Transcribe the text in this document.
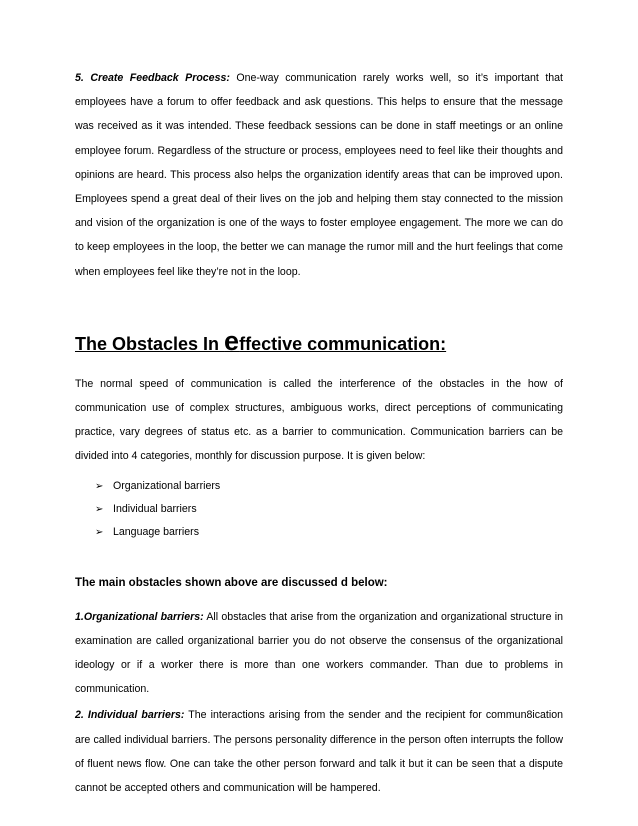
5. Create Feedback Process: One-way communication rarely works well, so it’s important that employees have a forum to offer feedback and ask questions. This helps to ensure that the message was received as it was intended. These feedback sessions can be done in staff meetings or an online employee forum. Regardless of the structure or process, employees need to feel like their thoughts and opinions are heard. This process also helps the organization identify areas that can be improved upon. Employees spend a great deal of their lives on the job and helping them stay connected to the mission and vision of the organization is one of the ways to foster employee engagement. The more we can do to keep employees in the loop, the better we can manage the rumor mill and the hurt feelings that come when employees feel like they’re not in the loop.

The Obstacles In effective communication:

The normal speed of communication is called the interference of the obstacles in the how of communication use of complex structures, ambiguous works, direct perceptions of communicating practice, vary degrees of status etc. as a barrier to communication. Communication barriers can be divided into 4 categories, monthly for discussion purpose. It is given below:

➢ Organizational barriers
➢ Individual barriers
➢ Language barriers
The main obstacles shown above are discussed d below:

1.Organizational barriers: All obstacles that arise from the organization and organizational structure in examination are called organizational barrier you do not observe the consensus of the organizational ideology or if a worker there is more than one workers commander. Than due to problems in communication.

2. Individual barriers: The interactions arising from the sender and the recipient for commun8ication are called individual barriers. The persons personality difference in the person often interrupts the follow of fluent news flow. One can take the other person forward and talk it but it can be seen that a dispute cannot be accepted others and communication will be hampered.
